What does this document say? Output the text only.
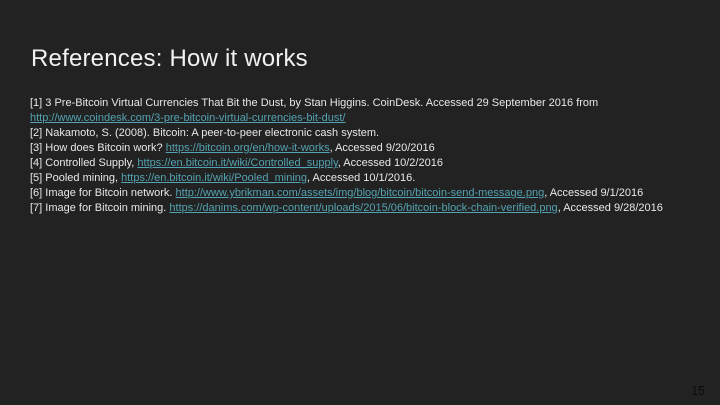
References: How it works

[1] 3 Pre-Bitcoin Virtual Currencies That Bit the Dust, by Stan Higgins. CoinDesk. Accessed 29 September 2016 from http://www.coindesk.com/3-pre-bitcoin-virtual-currencies-bit-dust/

[2] Nakamoto, S. (2008). Bitcoin: A peer-to-peer electronic cash system.

[3] How does Bitcoin work? https://bitcoin.org/en/how-it-works, Accessed 9/20/2016

[4] Controlled Supply, https://en.bitcoin.it/wiki/Controlled_supply, Accessed 10/2/2016

[5] Pooled mining, https://en.bitcoin.it/wiki/Pooled_mining, Accessed 10/1/2016.

[6] Image for Bitcoin network. http://www.ybrikman.com/assets/img/blog/bitcoin/bitcoin-send-message.png, Accessed 9/1/2016

[7] Image for Bitcoin mining. https://danims.com/wp-content/uploads/2015/06/bitcoin-block-chain-verified.png, Accessed 9/28/2016

15
